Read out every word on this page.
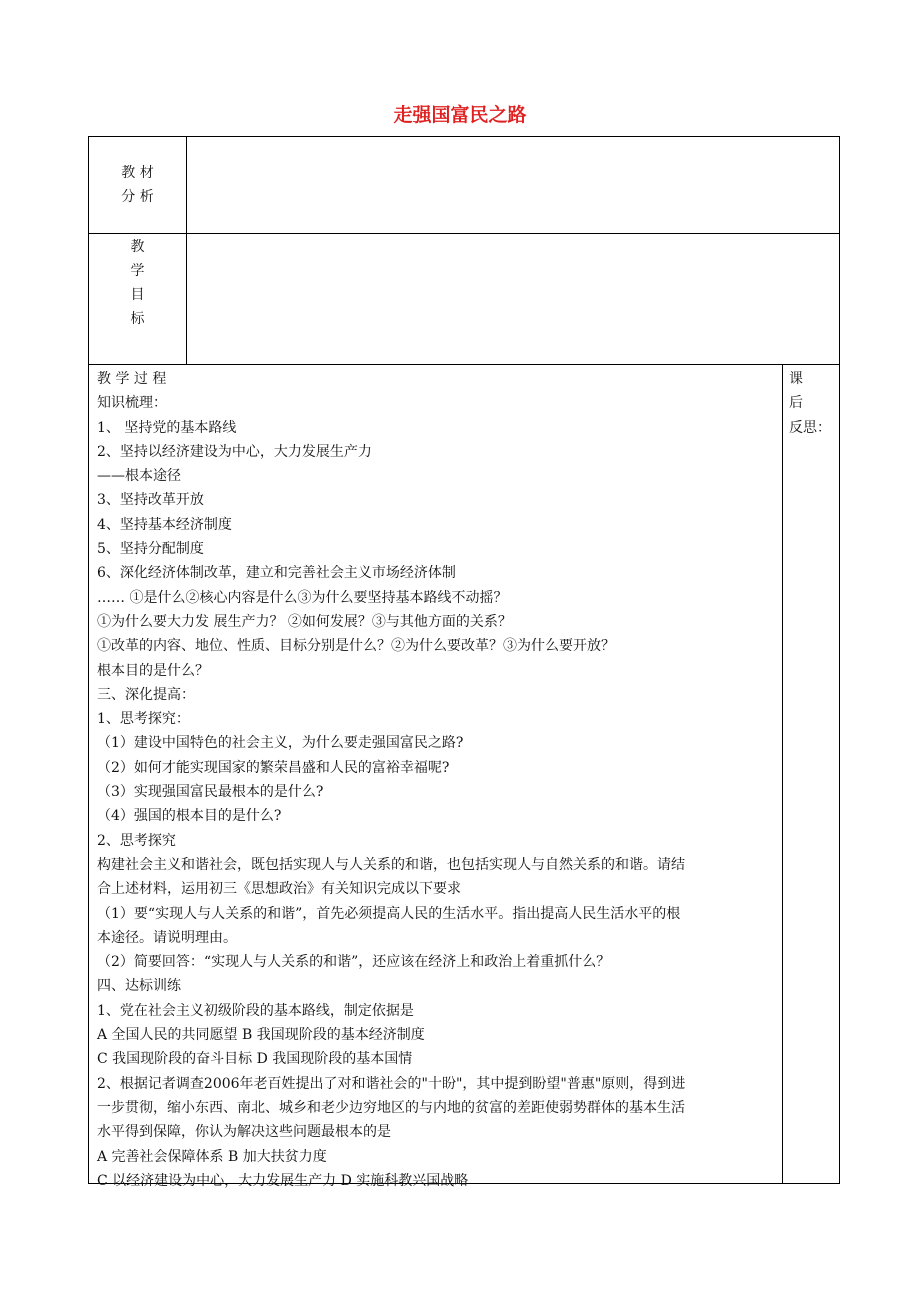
走强国富民之路
教 材
分 析
教
学
目
标
教 学 过 程
知识梳理：
1、 坚持党的基本路线
2、坚持以经济建设为中心，大力发展生产力
——根本途径
3、坚持改革开放
4、坚持基本经济制度
5、坚持分配制度
6、深化经济体制改革，建立和完善社会主义市场经济体制
…… ①是什么②核心内容是什么③为什么要坚持基本路线不动摇？
①为什么要大力发 展生产力？ ②如何发展？③与其他方面的关系？
①改革的内容、地位、性质、目标分别是什么？②为什么要改革？③为什么要开放？
根本目的是什么？
三、深化提高：
1、思考探究：
（1）建设中国特色的社会主义，为什么要走强国富民之路?
（2）如何才能实现国家的繁荣昌盛和人民的富裕幸福呢?
（3）实现强国富民最根本的是什么?
（4）强国的根本目的是什么?
2、思考探究
构建社会主义和谐社会，既包括实现人与人关系的和谐，也包括实现人与自然关系的和谐。请结
合上述材料，运用初三《思想政治》有关知识完成以下要求
（1）要“实现人与人关系的和谐”，首先必须提高人民的生活水平。指出提高人民生活水平的根
本途径。请说明理由。
（2）简要回答：“实现人与人关系的和谐”，还应该在经济上和政治上着重抓什么？
四、达标训练
1、党在社会主义初级阶段的基本路线，制定依据是
A 全国人民的共同愿望 B 我国现阶段的基本经济制度
C 我国现阶段的奋斗目标 D 我国现阶段的基本国情
2、根据记者调查2006年老百姓提出了对和谐社会的"十盼"，其中提到盼望"普惠"原则，得到进
一步贯彻，缩小东西、南北、城乡和老少边穷地区的与内地的贫富的差距使弱势群体的基本生活
水平得到保障，你认为解决这些问题最根本的是
A 完善社会保障体系 B 加大扶贫力度
C 以经济建设为中心，大力发展生产力 D 实施科教兴国战略
课
后
反思：
